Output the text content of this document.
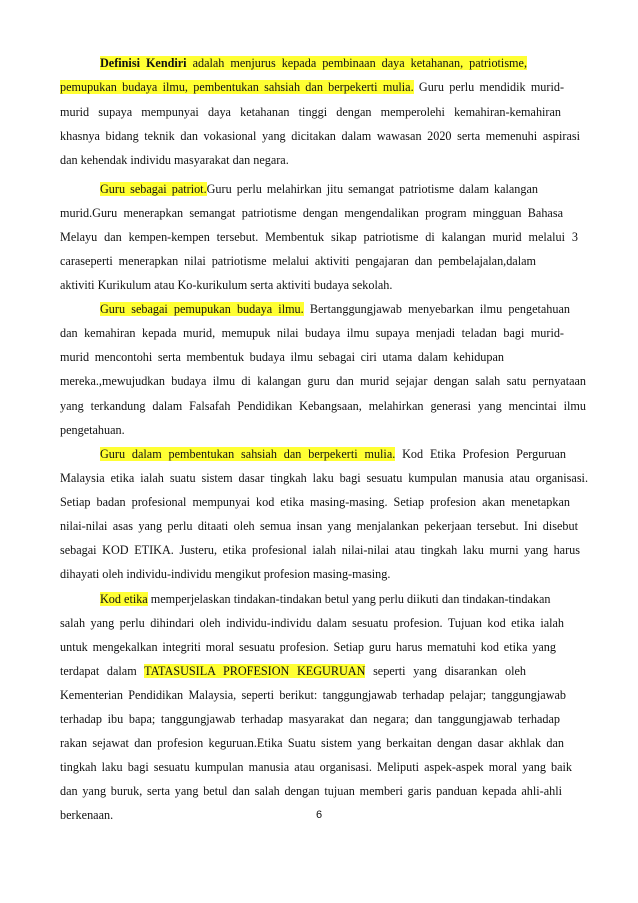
Definisi Kendiri adalah menjurus kepada pembinaan daya ketahanan, patriotisme,
pemupukan budaya ilmu, pembentukan sahsiah dan berpekerti mulia. Guru perlu mendidik murid-
murid supaya mempunyai daya ketahanan tinggi dengan memperolehi kemahiran-kemahiran
khasnya bidang teknik dan vokasional yang dicitakan dalam wawasan 2020 serta memenuhi aspirasi
dan kehendak individu masyarakat dan negara.
Guru sebagai patriot.Guru perlu melahirkan jitu semangat patriotisme dalam kalangan
murid.Guru menerapkan semangat patriotisme dengan mengendalikan program mingguan Bahasa
Melayu dan kempen-kempen tersebut. Membentuk sikap patriotisme di kalangan murid melalui 3
caraseperti menerapkan nilai patriotisme melalui aktiviti pengajaran dan pembelajalan,dalam
aktiviti Kurikulum atau Ko-kurikulum serta aktiviti budaya sekolah.
Guru sebagai pemupukan budaya ilmu. Bertanggungjawab menyebarkan ilmu pengetahuan
dan kemahiran kepada murid, memupuk nilai budaya ilmu supaya menjadi teladan bagi murid-
murid mencontohi serta membentuk budaya ilmu sebagai ciri utama dalam kehidupan
mereka.,mewujudkan budaya ilmu di kalangan guru dan murid sejajar dengan salah satu pernyataan
yang terkandung dalam Falsafah Pendidikan Kebangsaan, melahirkan generasi yang mencintai ilmu
pengetahuan.
Guru dalam pembentukan sahsiah dan berpekerti mulia. Kod Etika Profesion Perguruan
Malaysia etika ialah suatu sistem dasar tingkah laku bagi sesuatu kumpulan manusia atau organisasi.
Setiap badan profesional mempunyai kod etika masing-masing. Setiap profesion akan menetapkan
nilai-nilai asas yang perlu ditaati oleh semua insan yang menjalankan pekerjaan tersebut. Ini disebut
sebagai KOD ETIKA. Justeru, etika profesional ialah nilai-nilai atau tingkah laku murni yang harus
dihayati oleh individu-individu mengikut profesion masing-masing.
Kod etika memperjelaskan tindakan-tindakan betul yang perlu diikuti dan tindakan-tindakan
salah yang perlu dihindari oleh individu-individu dalam sesuatu profesion. Tujuan kod etika ialah
untuk mengekalkan integriti moral sesuatu profesion. Setiap guru harus mematuhi kod etika yang
terdapat dalam TATASUSILA PROFESION KEGURUAN seperti yang disarankan oleh
Kementerian Pendidikan Malaysia, seperti berikut: tanggungjawab terhadap pelajar; tanggungjawab
terhadap ibu bapa; tanggungjawab terhadap masyarakat dan negara; dan tanggungjawab terhadap
rakan sejawat dan profesion keguruan.Etika Suatu sistem yang berkaitan dengan dasar akhlak dan
tingkah laku bagi sesuatu kumpulan manusia atau organisasi. Meliputi aspek-aspek moral yang baik
dan yang buruk, serta yang betul dan salah dengan tujuan memberi garis panduan kepada ahli-ahli
berkenaan.	6
